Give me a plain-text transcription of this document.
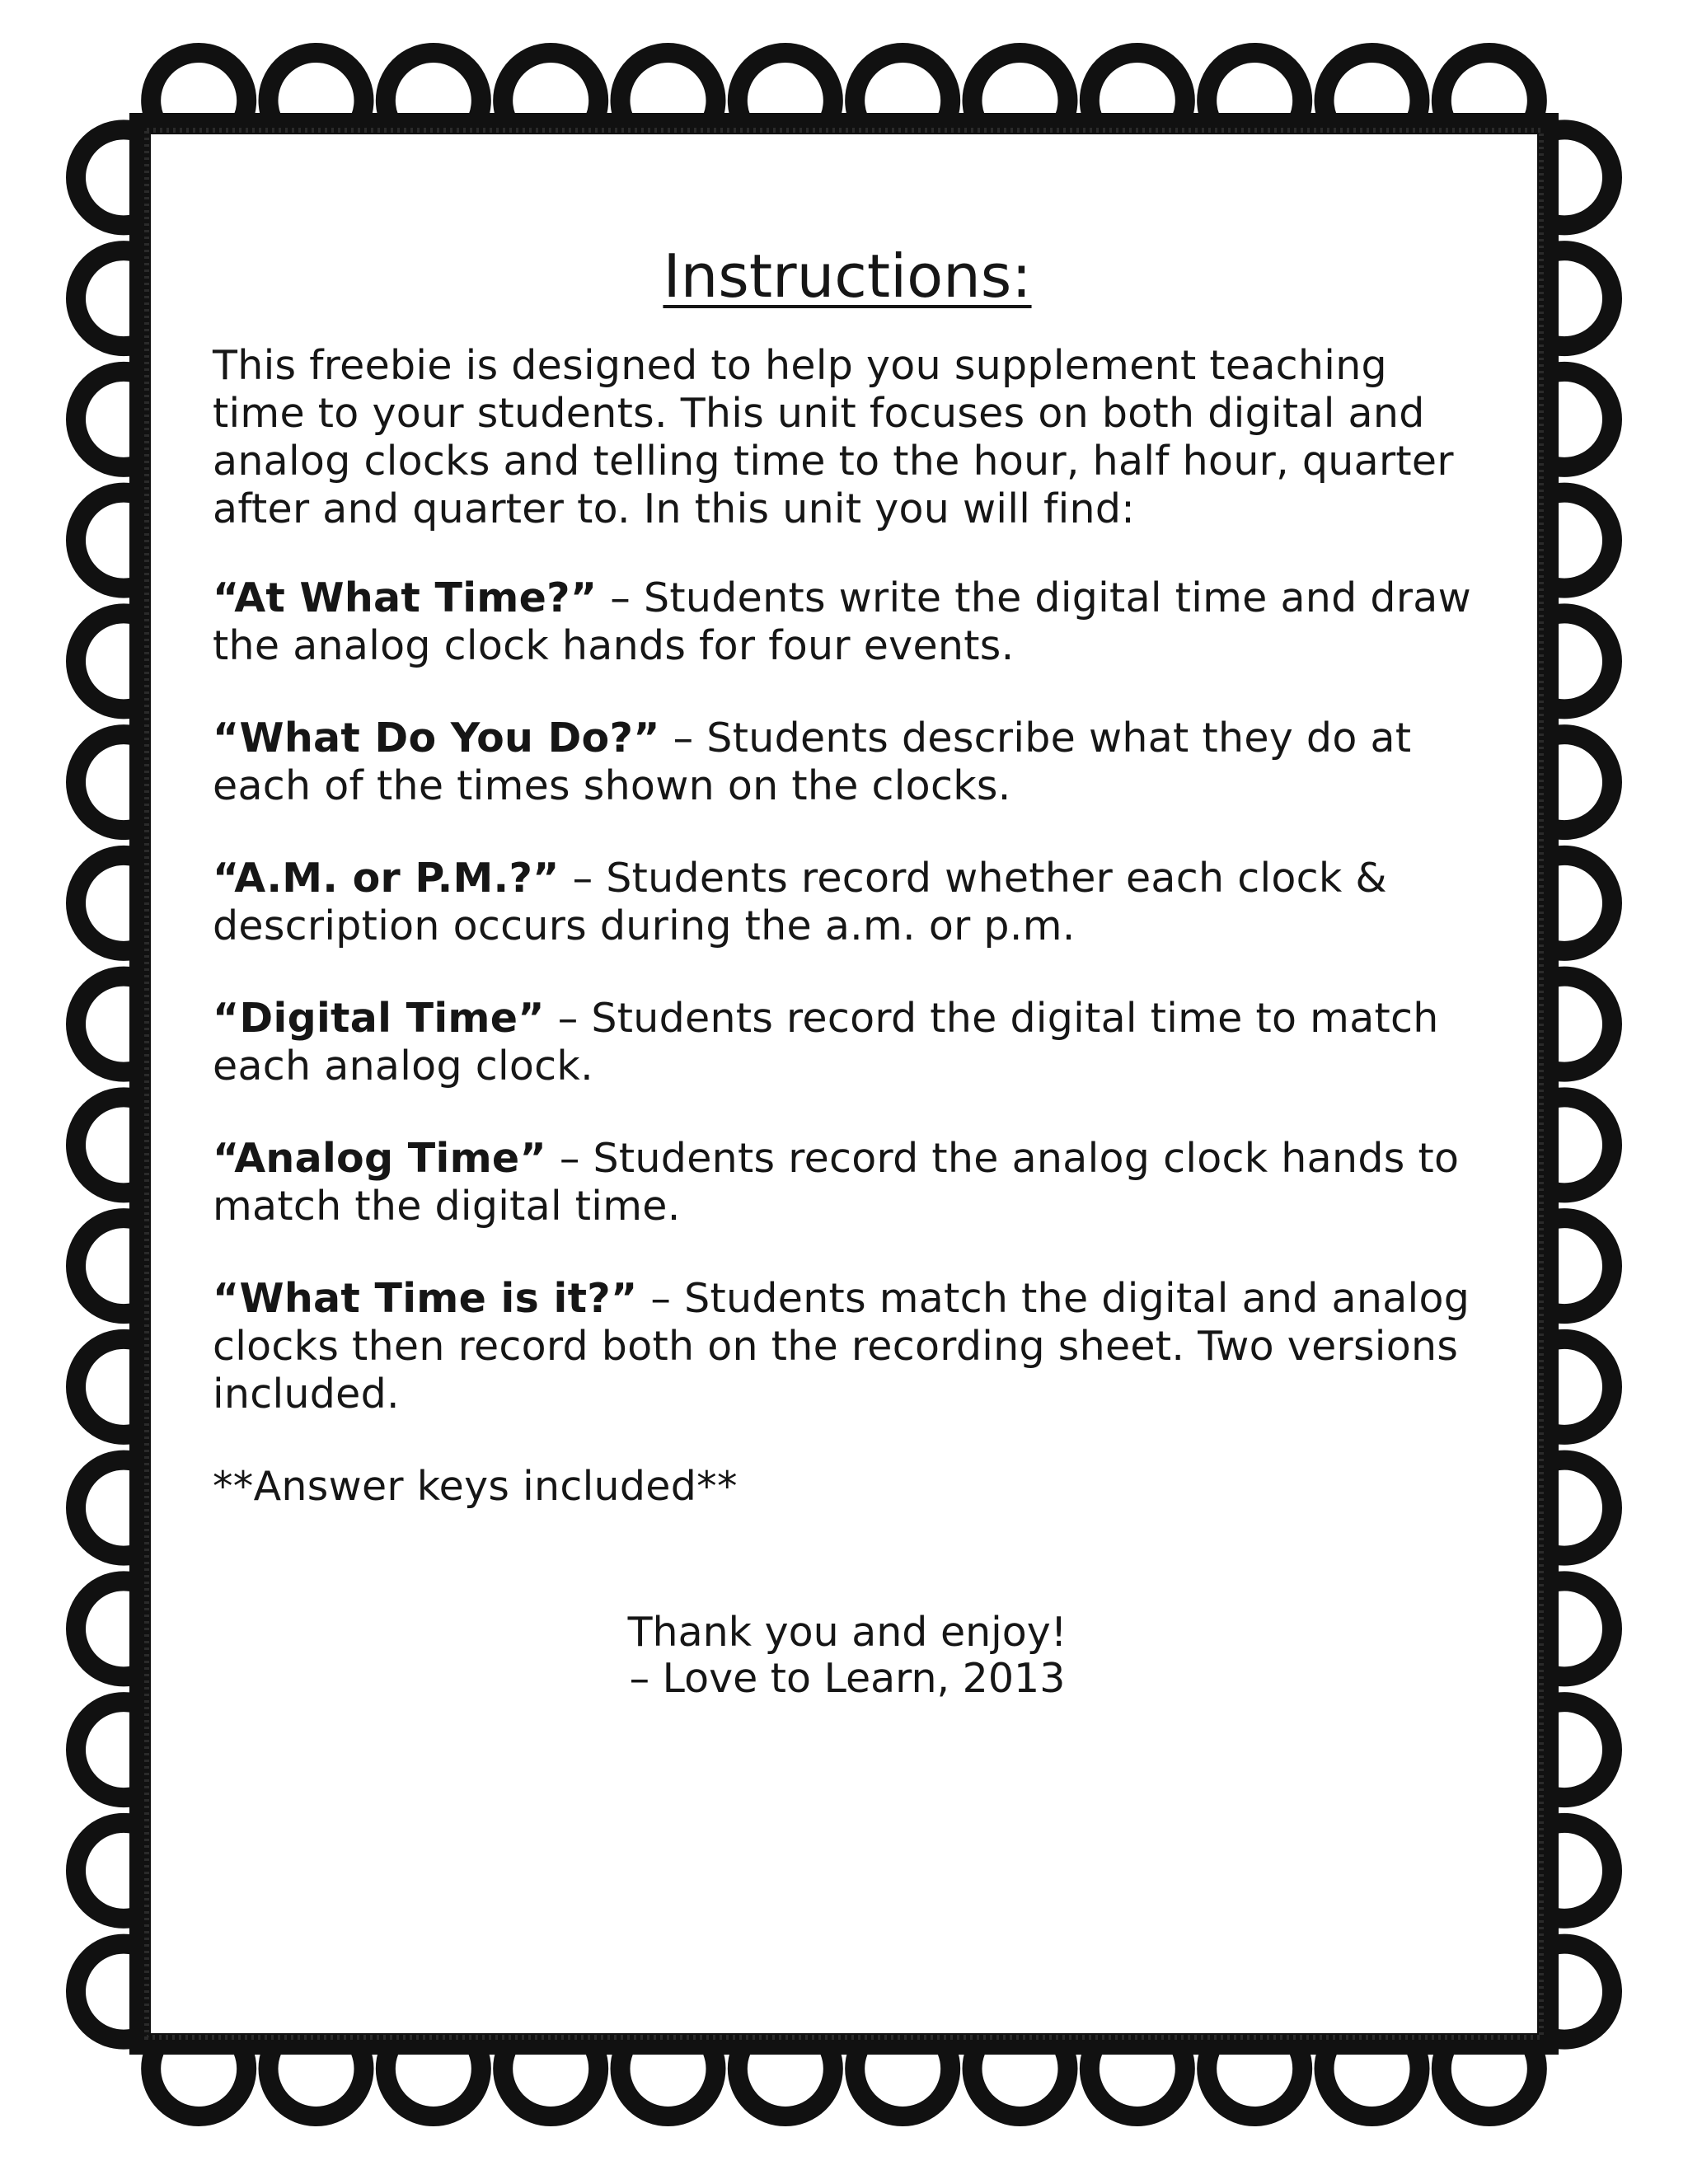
Instructions:

This freebie is designed to help you supplement teaching time to your students. This unit focuses on both digital and analog clocks and telling time to the hour, half hour, quarter after and quarter to. In this unit you will find:

“At What Time?” – Students write the digital time and draw the analog clock hands for four events.

“What Do You Do?” – Students describe what they do at each of the times shown on the clocks.

“A.M. or P.M.?” – Students record whether each clock & description occurs during the a.m. or p.m.

“Digital Time” – Students record the digital time to match each analog clock.

“Analog Time” – Students record the analog clock hands to match the digital time.

“What Time is it?” – Students match the digital and analog clocks then record both on the recording sheet. Two versions included.

**Answer keys included**

Thank you and enjoy!
– Love to Learn, 2013
